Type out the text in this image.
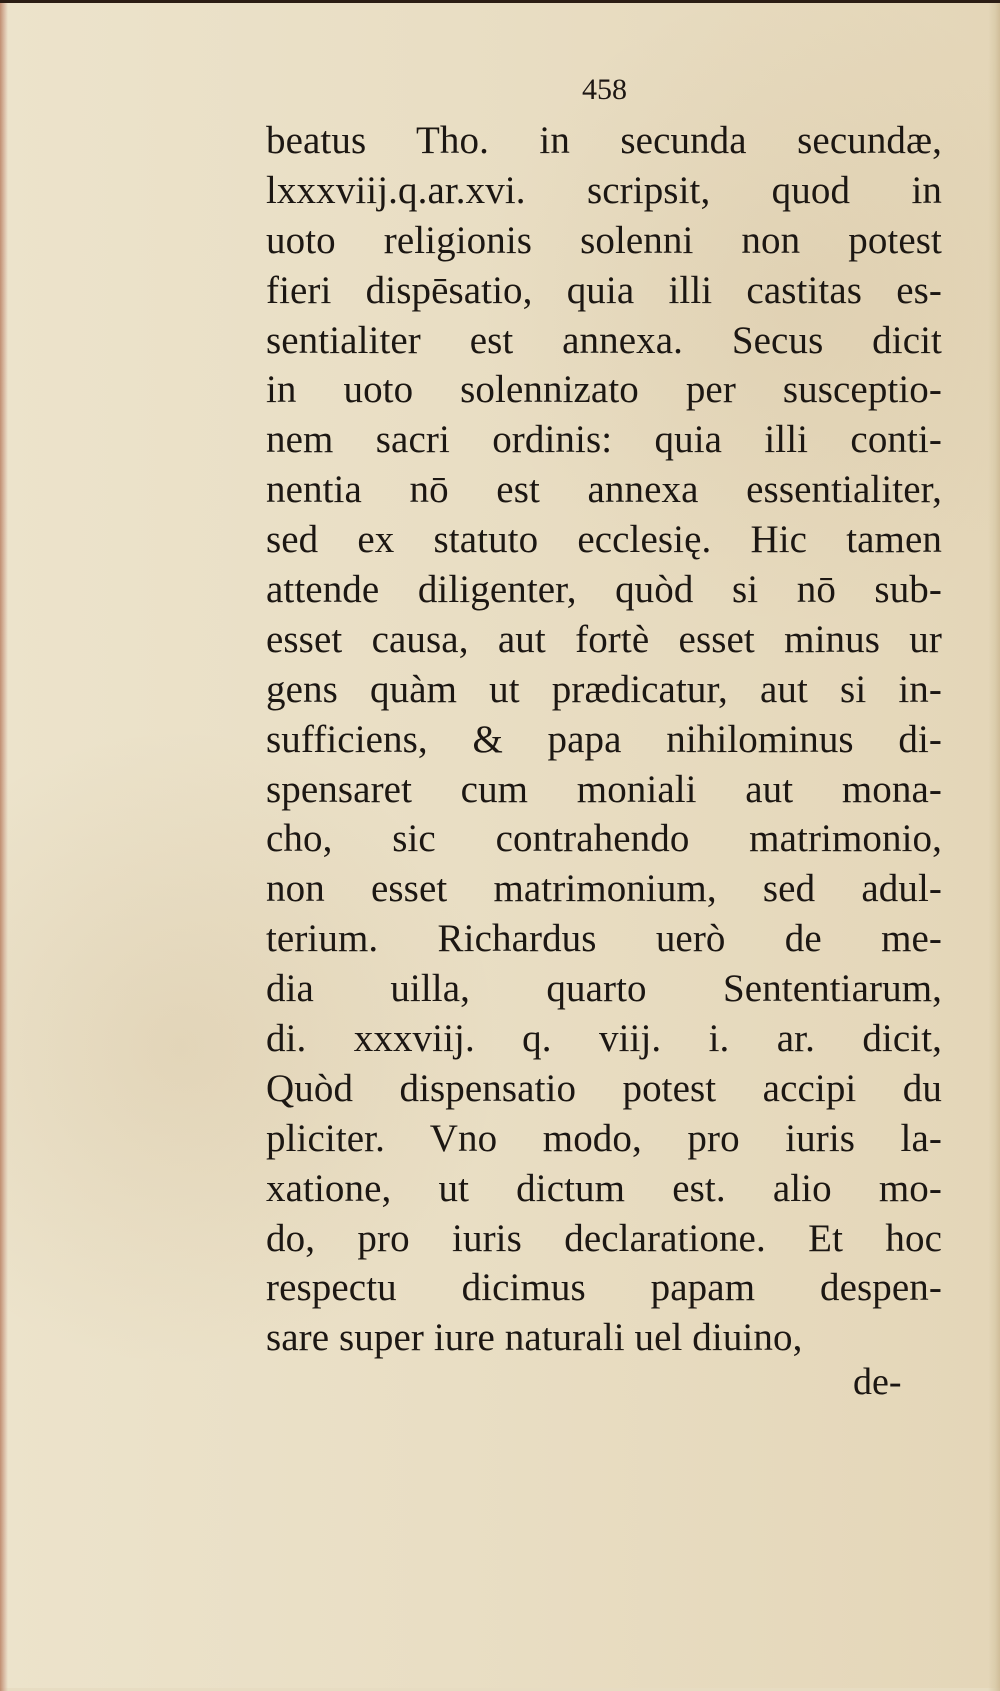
458
beatus Tho. in secunda secundæ,
lxxxviij.q.ar.xvi. scripsit, quod in
uoto religionis solenni non potest
fieri dispēsatio, quia illi castitas es-
sentialiter est annexa. Secus dicit
in uoto solennizato per susceptio-
nem sacri ordinis: quia illi conti-
nentia nō est annexa essentialiter,
sed ex statuto ecclesię. Hic tamen
attende diligenter, quòd si nō sub-
esset causa, aut fortè esset minus ur
gens quàm ut prædicatur, aut si in-
sufficiens, & papa nihilominus di-
spensaret cum moniali aut mona-
cho, sic contrahendo matrimonio,
non esset matrimonium, sed adul-
terium. Richardus uerò de me-
dia uilla, quarto Sententiarum,
di. xxxviij. q. viij. i. ar. dicit,
Quòd dispensatio potest accipi du
pliciter. Vno modo, pro iuris la-
xatione, ut dictum est. alio mo-
do, pro iuris declaratione. Et hoc
respectu dicimus papam despen-
sare super iure naturali uel diuino,
de-
